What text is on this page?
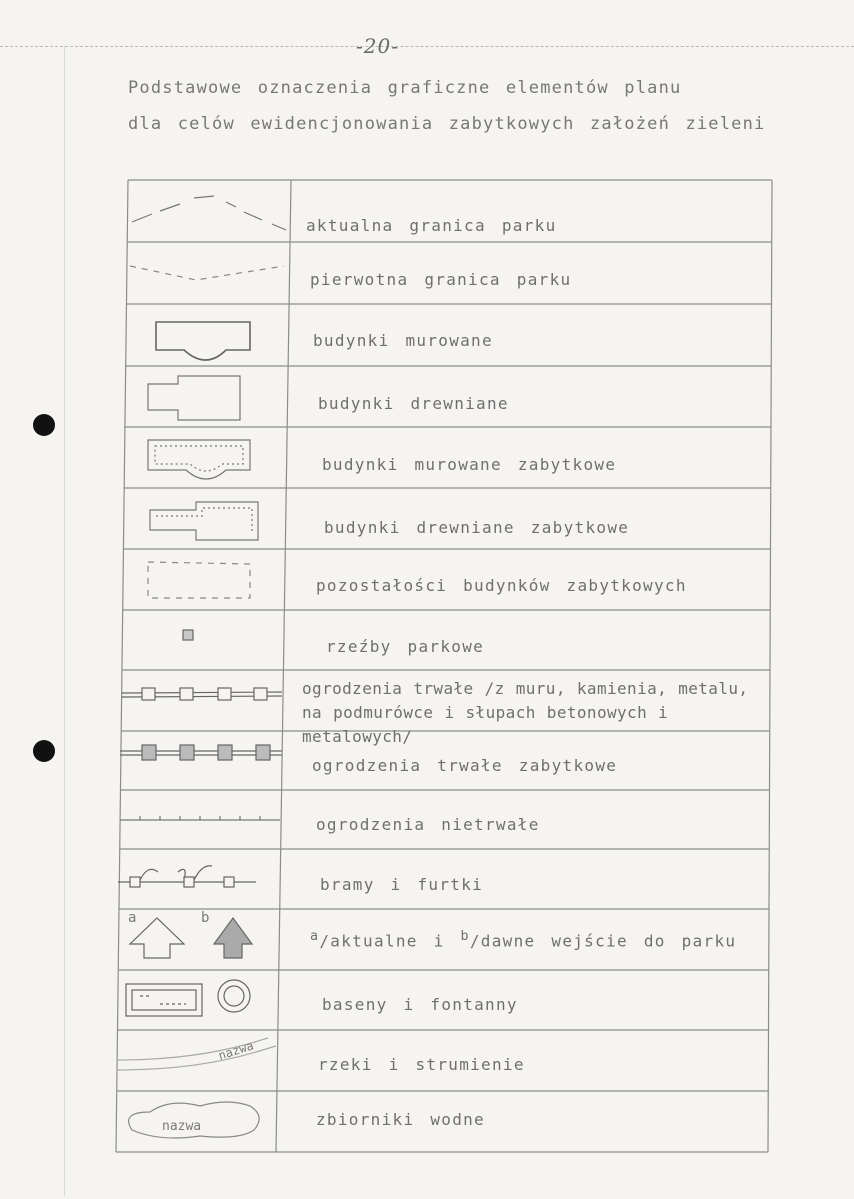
-20-
Podstawowe oznaczenia graficzne elementów planu
dla celów ewidencjonowania zabytkowych założeń zieleni
a	b
nazwa
nazwa
aktualna granica parku
pierwotna granica parku
budynki murowane
budynki drewniane
budynki murowane zabytkowe
budynki drewniane zabytkowe
pozostałości budynków zabytkowych
rzeźby parkowe
ogrodzenia trwałe /z muru, kamienia, metalu, na podmurówce i słupach betonowych i metalowych/
ogrodzenia trwałe zabytkowe
ogrodzenia nietrwałe
bramy i furtki
$^a$/aktualne i $^b$/dawne wejście do parku
baseny i fontanny
rzeki i strumienie
zbiorniki wodne
